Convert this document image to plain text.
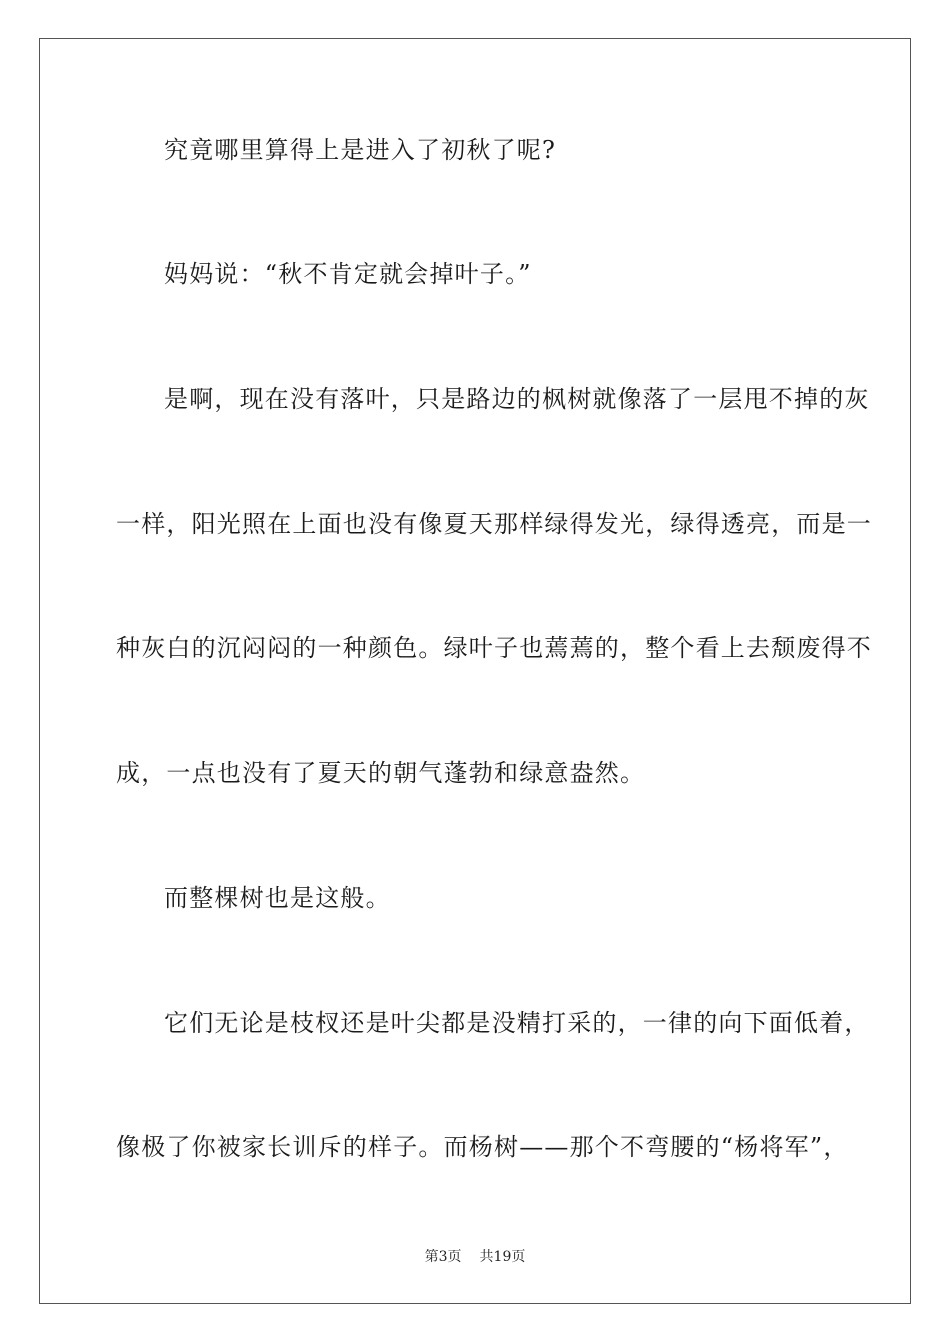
究竟哪里算得上是进入了初秋了呢?
妈妈说：“秋不肯定就会掉叶子。”
是啊，现在没有落叶，只是路边的枫树就像落了一层甩不掉的灰
一样，阳光照在上面也没有像夏天那样绿得发光，绿得透亮，而是一
种灰白的沉闷闷的一种颜色。绿叶子也蔫蔫的，整个看上去颓废得不
成，一点也没有了夏天的朝气蓬勃和绿意盎然。
而整棵树也是这般。
它们无论是枝杈还是叶尖都是没精打采的，一律的向下面低着，
像极了你被家长训斥的样子。而杨树——那个不弯腰的“杨将军”，
第3页 共19页
